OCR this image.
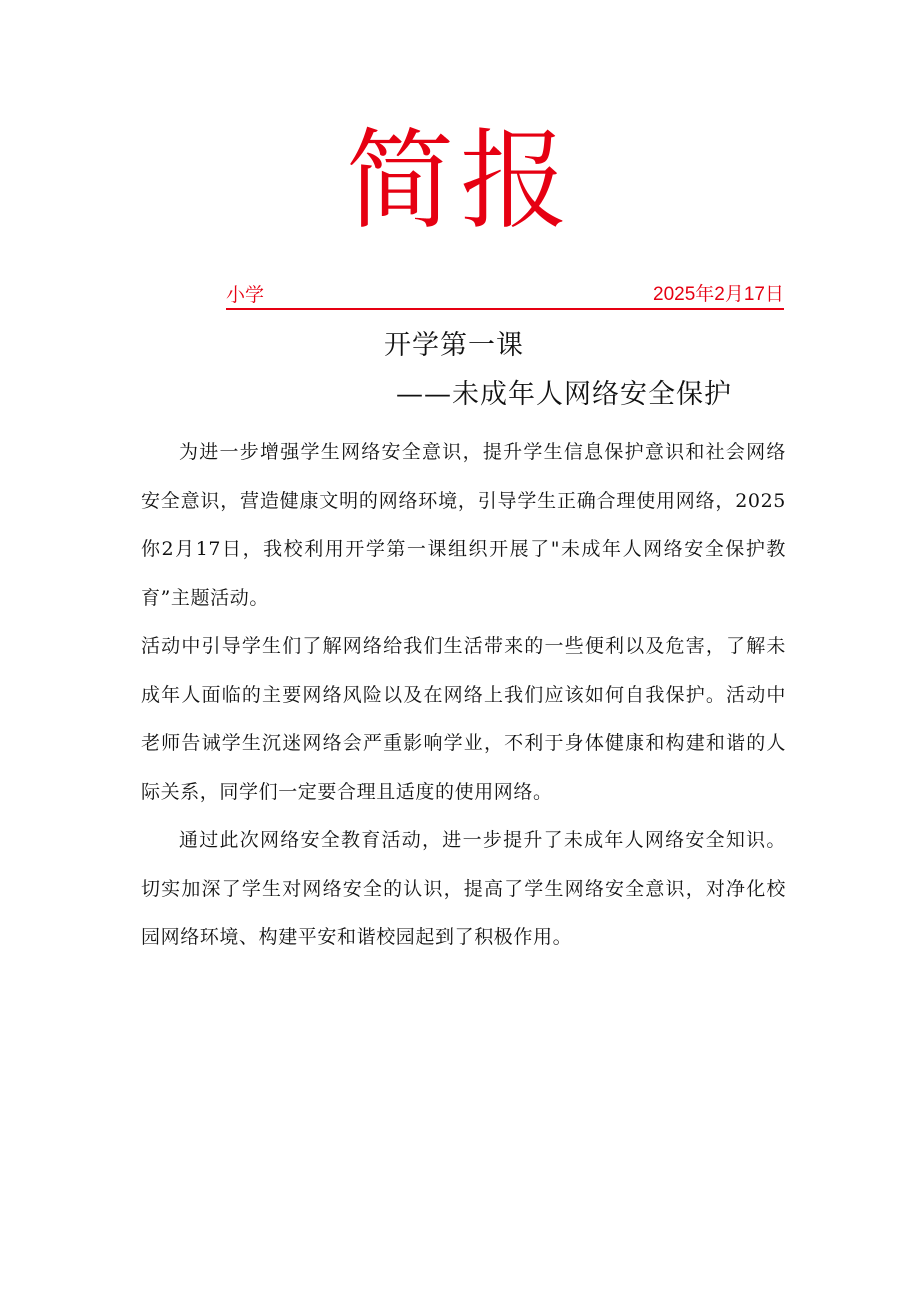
简报
小学	2025年2月17日
开学第一课
——未成年人网络安全保护

为进一步增强学生网络安全意识，提升学生信息保护意识和社会网络安全意识，营造健康文明的网络环境，引导学生正确合理使用网络，2025你2月17日，我校利用开学第一课组织开展了"未成年人网络安全保护教育”主题活动。

活动中引导学生们了解网络给我们生活带来的一些便利以及危害，了解未成年人面临的主要网络风险以及在网络上我们应该如何自我保护。活动中老师告诫学生沉迷网络会严重影响学业，不利于身体健康和构建和谐的人际关系，同学们一定要合理且适度的使用网络。

通过此次网络安全教育活动，进一步提升了未成年人网络安全知识。切实加深了学生对网络安全的认识，提高了学生网络安全意识，对净化校园网络环境、构建平安和谐校园起到了积极作用。
